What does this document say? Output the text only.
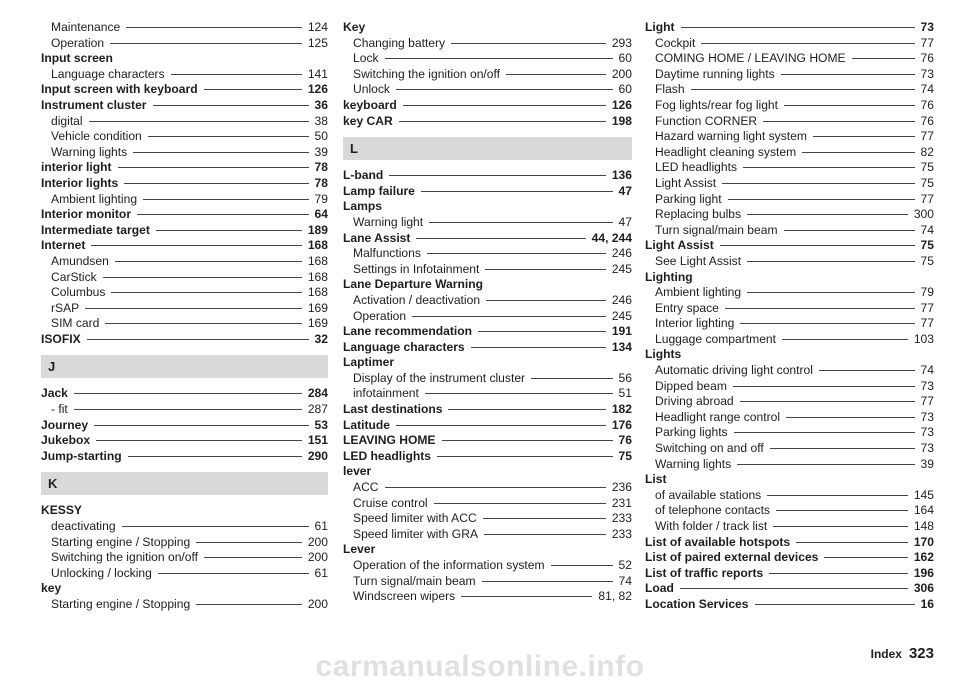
Maintenance	124
Operation	125
Input screen
Language characters	141
Input screen with keyboard	126
Instrument cluster	36
digital	38
Vehicle condition	50
Warning lights	39
interior light	78
Interior lights	78
Ambient lighting	79
Interior monitor	64
Intermediate target	189
Internet	168
Amundsen	168
CarStick	168
Columbus	168
rSAP	169
SIM card	169
ISOFIX	32
J
Jack	284
- fit	287
Journey	53
Jukebox	151
Jump-starting	290
K
KESSY
deactivating	61
Starting engine / Stopping	200
Switching the ignition on/off	200
Unlocking / locking	61
key
Starting engine / Stopping	200
Key
Changing battery	293
Lock	60
Switching the ignition on/off	200
Unlock	60
keyboard	126
key CAR	198
L
L-band	136
Lamp failure	47
Lamps
Warning light	47
Lane Assist	44, 244
Malfunctions	246
Settings in Infotainment	245
Lane Departure Warning
Activation / deactivation	246
Operation	245
Lane recommendation	191
Language characters	134
Laptimer
Display of the instrument cluster	56
infotainment	51
Last destinations	182
Latitude	176
LEAVING HOME	76
LED headlights	75
lever
ACC	236
Cruise control	231
Speed limiter with ACC	233
Speed limiter with GRA	233
Lever
Operation of the information system	52
Turn signal/main beam	74
Windscreen wipers	81, 82
Light	73
Cockpit	77
COMING HOME / LEAVING HOME	76
Daytime running lights	73
Flash	74
Fog lights/rear fog light	76
Function CORNER	76
Hazard warning light system	77
Headlight cleaning system	82
LED headlights	75
Light Assist	75
Parking light	77
Replacing bulbs	300
Turn signal/main beam	74
Light Assist	75
See Light Assist	75
Lighting
Ambient lighting	79
Entry space	77
Interior lighting	77
Luggage compartment	103
Lights
Automatic driving light control	74
Dipped beam	73
Driving abroad	77
Headlight range control	73
Parking lights	73
Switching on and off	73
Warning lights	39
List
of available stations	145
of telephone contacts	164
With folder / track list	148
List of available hotspots	170
List of paired external devices	162
List of traffic reports	196
Load	306
Location Services	16
Index 323
carmanualsonline.info
